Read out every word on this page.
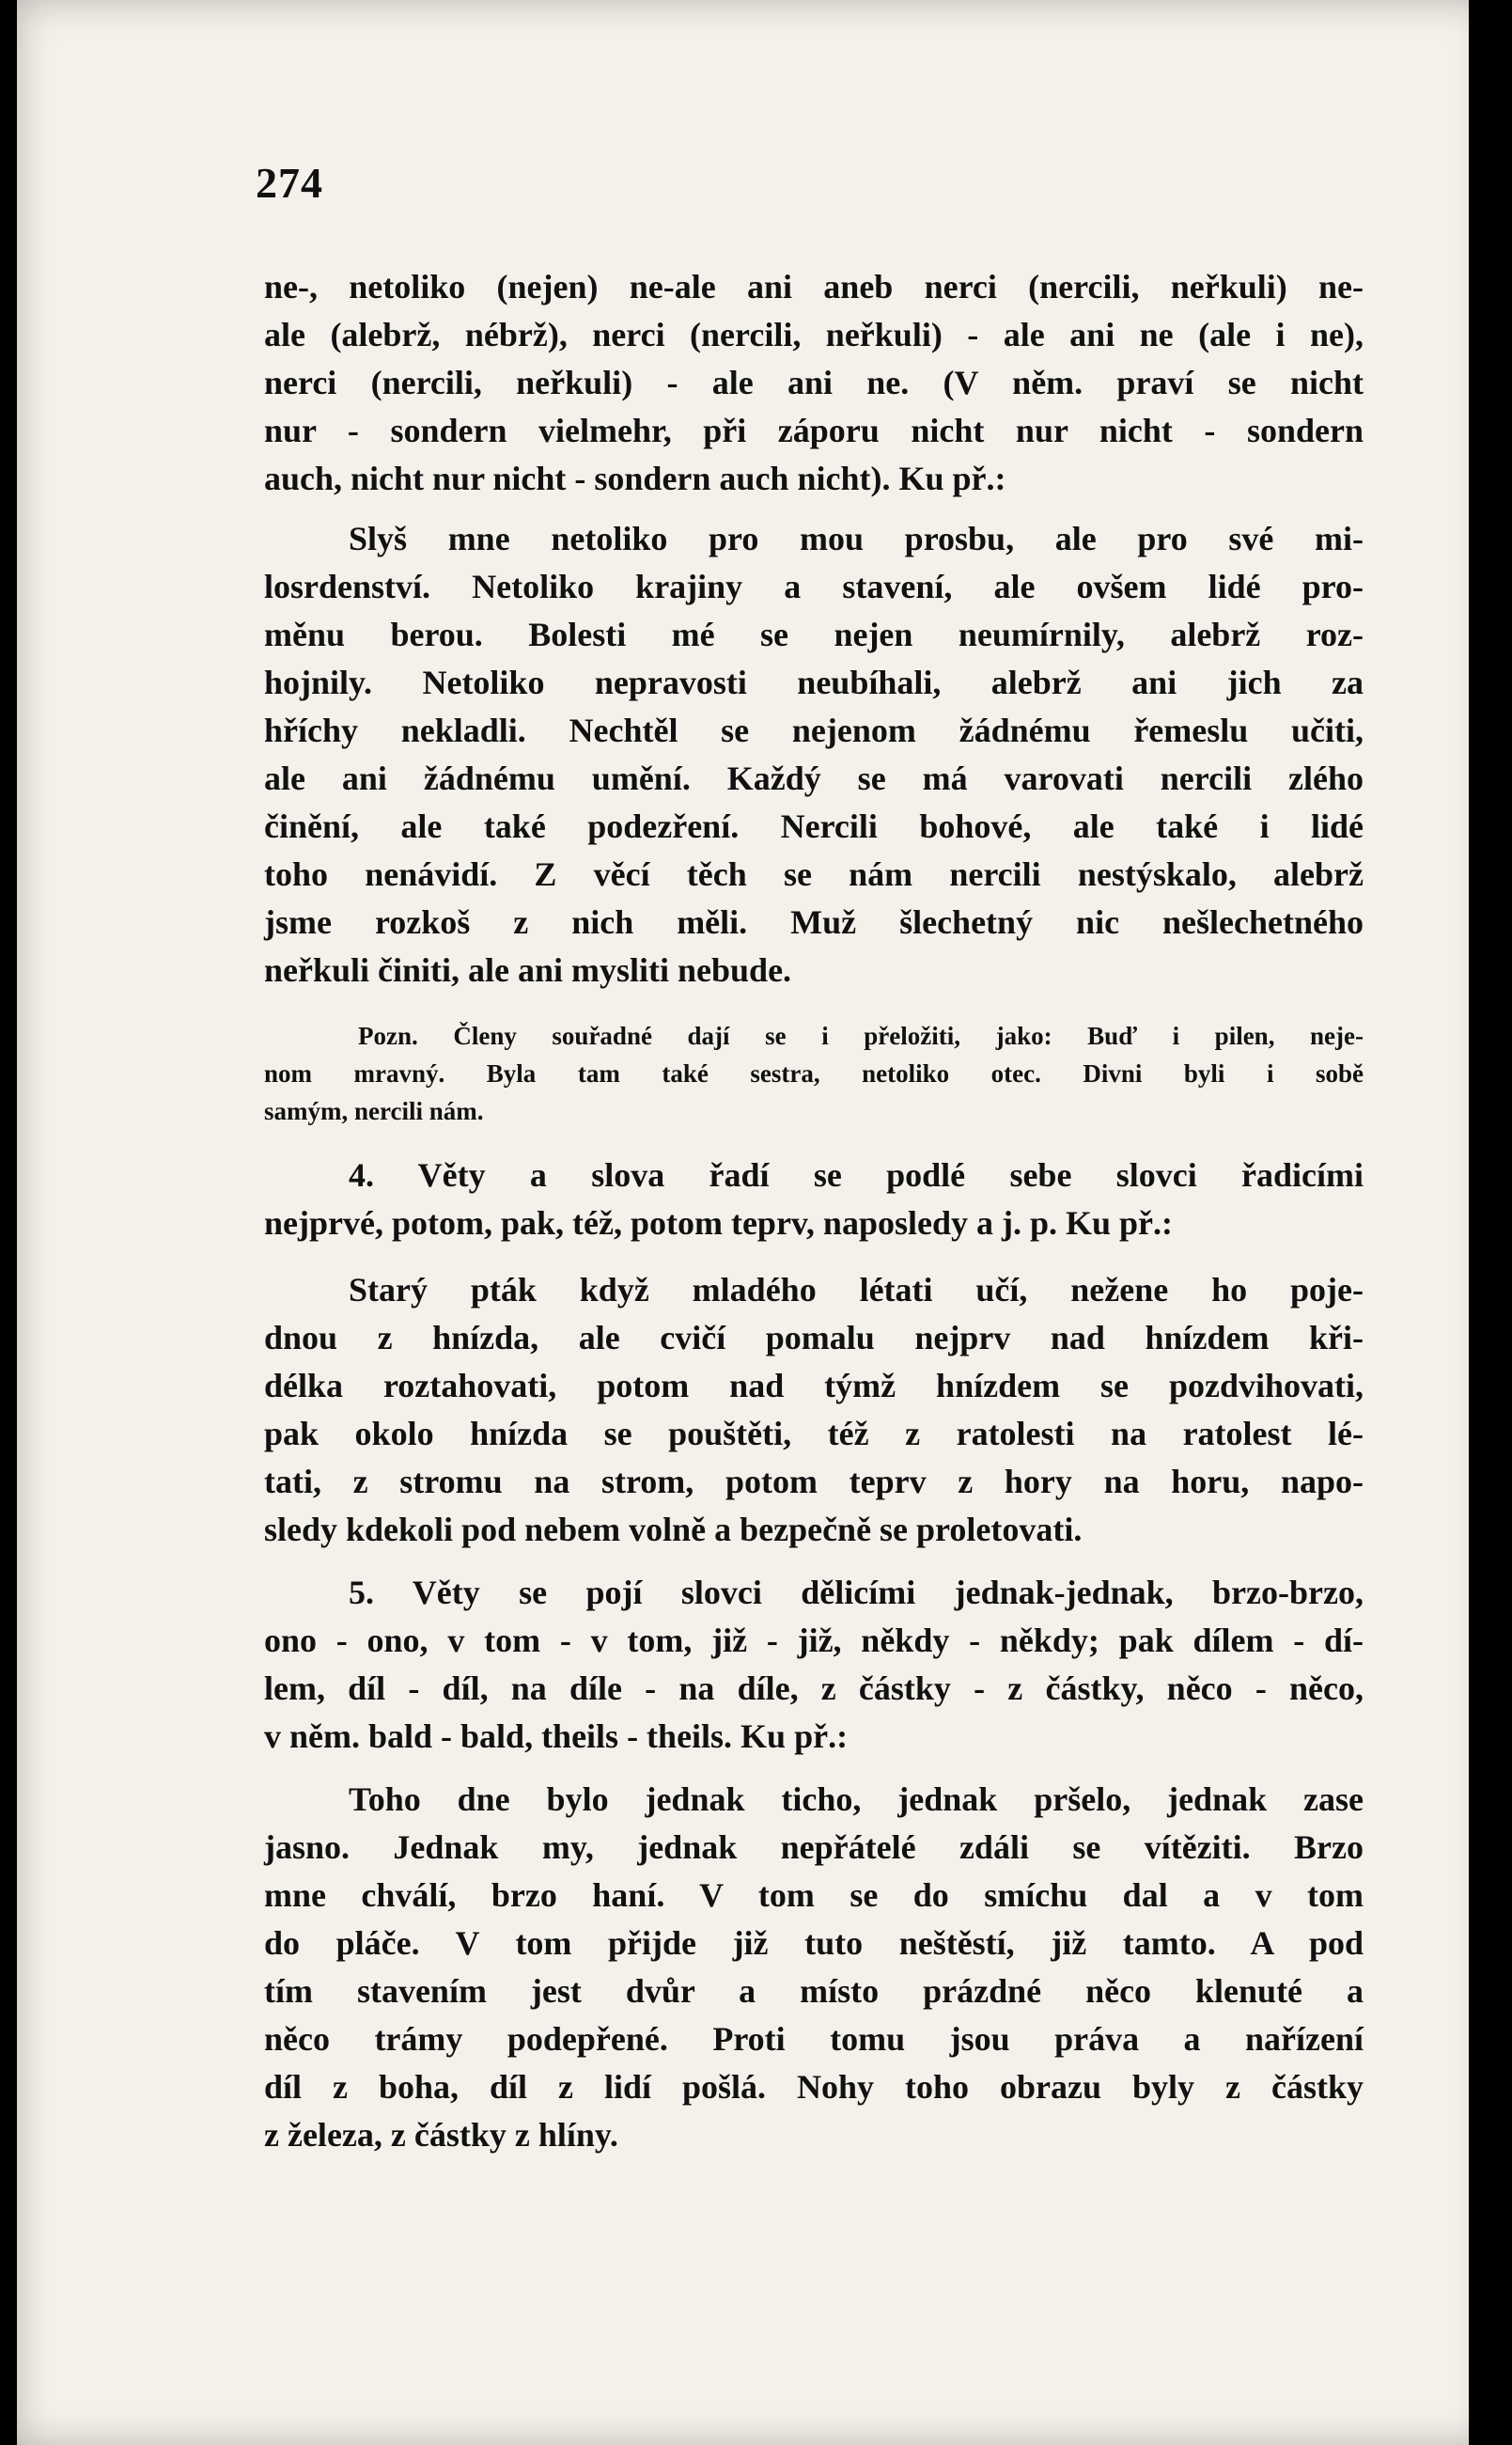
274
ne-, netoliko (nejen) ne-ale ani aneb nerci (nercili, neřkuli) ne-
ale (alebrž, nébrž), nerci (nercili, neřkuli) - ale ani ne (ale i ne),
nerci (nercili, neřkuli) - ale ani ne. (V něm. praví se nicht
nur - sondern vielmehr, při záporu nicht nur nicht - sondern
auch, nicht nur nicht - sondern auch nicht). Ku př.:
Slyš mne netoliko pro mou prosbu, ale pro své mi-
losrdenství. Netoliko krajiny a stavení, ale ovšem lidé pro-
měnu berou. Bolesti mé se nejen neumírnily, alebrž roz-
hojnily. Netoliko nepravosti neubíhali, alebrž ani jich za
hříchy nekladli. Nechtěl se nejenom žádnému řemeslu učiti,
ale ani žádnému umění. Každý se má varovati nercili zlého
činění, ale také podezření. Nercili bohové, ale také i lidé
toho nenávidí. Z věcí těch se nám nercili nestýskalo, alebrž
jsme rozkoš z nich měli. Muž šlechetný nic nešlechetného
neřkuli činiti, ale ani mysliti nebude.
Pozn. Členy souřadné dají se i přeložiti, jako: Buď i pilen, neje-
nom mravný. Byla tam také sestra, netoliko otec. Divni byli i sobě
samým, nercili nám.
4. Věty a slova řadí se podlé sebe slovci řadicími
nejprvé, potom, pak, též, potom teprv, naposledy a j. p. Ku př.:
Starý pták když mladého létati učí, nežene ho poje-
dnou z hnízda, ale cvičí pomalu nejprv nad hnízdem kři-
délka roztahovati, potom nad týmž hnízdem se pozdvihovati,
pak okolo hnízda se pouštěti, též z ratolesti na ratolest lé-
tati, z stromu na strom, potom teprv z hory na horu, napo-
sledy kdekoli pod nebem volně a bezpečně se proletovati.
5. Věty se pojí slovci dělicími jednak-jednak, brzo-brzo,
ono - ono, v tom - v tom, již - již, někdy - někdy; pak dílem - dí-
lem, díl - díl, na díle - na díle, z částky - z částky, něco - něco,
v něm. bald - bald, theils - theils. Ku př.:
Toho dne bylo jednak ticho, jednak pršelo, jednak zase
jasno. Jednak my, jednak nepřátelé zdáli se vítěziti. Brzo
mne chválí, brzo haní. V tom se do smíchu dal a v tom
do pláče. V tom přijde již tuto neštěstí, již tamto. A pod
tím stavením jest dvůr a místo prázdné něco klenuté a
něco trámy podepřené. Proti tomu jsou práva a nařízení
díl z boha, díl z lidí pošlá. Nohy toho obrazu byly z částky
z železa, z částky z hlíny.
